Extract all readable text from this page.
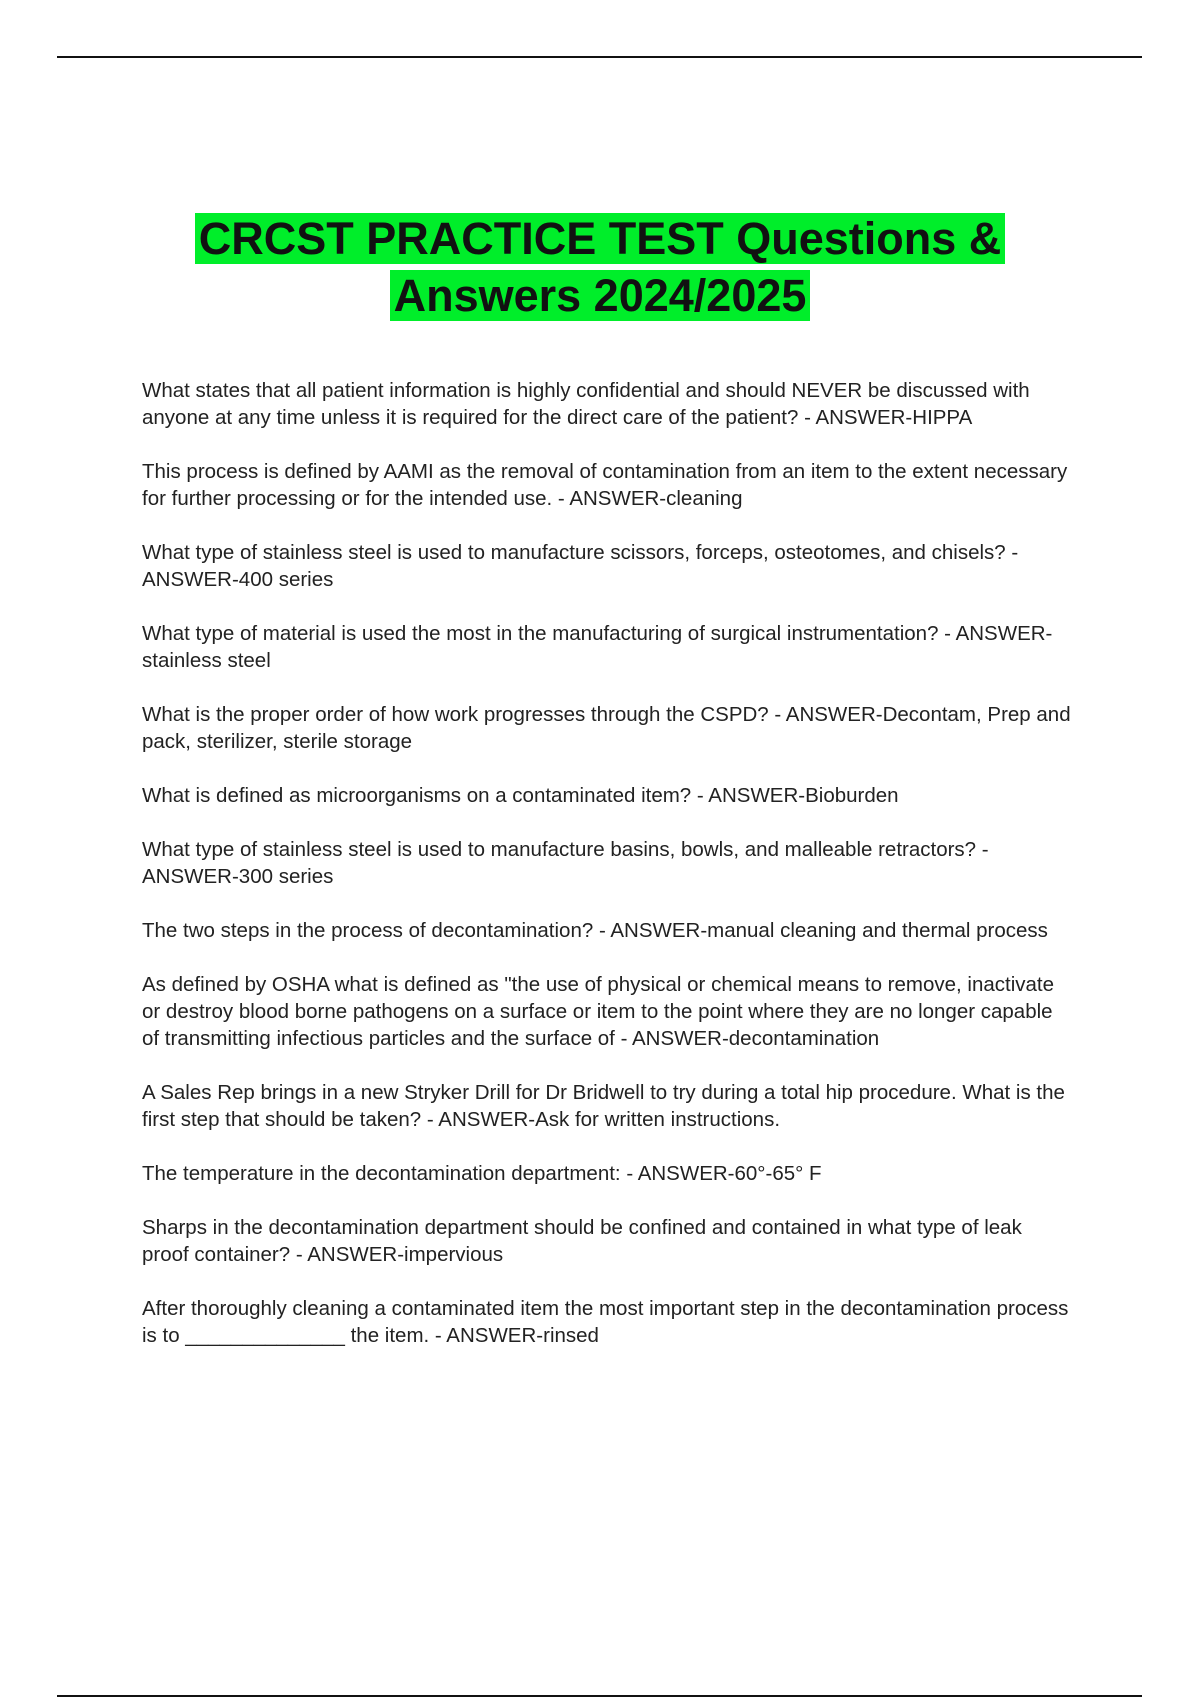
CRCST PRACTICE TEST Questions &
Answers 2024/2025

What states that all patient information is highly confidential and should NEVER be discussed with anyone at any time unless it is required for the direct care of the patient? - ANSWER-HIPPA

This process is defined by AAMI as the removal of contamination from an item to the extent necessary for further processing or for the intended use. - ANSWER-cleaning

What type of stainless steel is used to manufacture scissors, forceps, osteotomes, and chisels? - ANSWER-400 series

What type of material is used the most in the manufacturing of surgical instrumentation? - ANSWER-stainless steel

What is the proper order of how work progresses through the CSPD? - ANSWER-Decontam, Prep and pack, sterilizer, sterile storage

What is defined as microorganisms on a contaminated item? - ANSWER-Bioburden

What type of stainless steel is used to manufacture basins, bowls, and malleable retractors? - ANSWER-300 series

The two steps in the process of decontamination? - ANSWER-manual cleaning and thermal process

As defined by OSHA what is defined as "the use of physical or chemical means to remove, inactivate or destroy blood borne pathogens on a surface or item to the point where they are no longer capable of transmitting infectious particles and the surface of - ANSWER-decontamination

A Sales Rep brings in a new Stryker Drill for Dr Bridwell to try during a total hip procedure. What is the first step that should be taken? - ANSWER-Ask for written instructions.

The temperature in the decontamination department: - ANSWER-60°-65° F

Sharps in the decontamination department should be confined and contained in what type of leak proof container? - ANSWER-impervious

After thoroughly cleaning a contaminated item the most important step in the decontamination process is to ______________ the item. - ANSWER-rinsed
